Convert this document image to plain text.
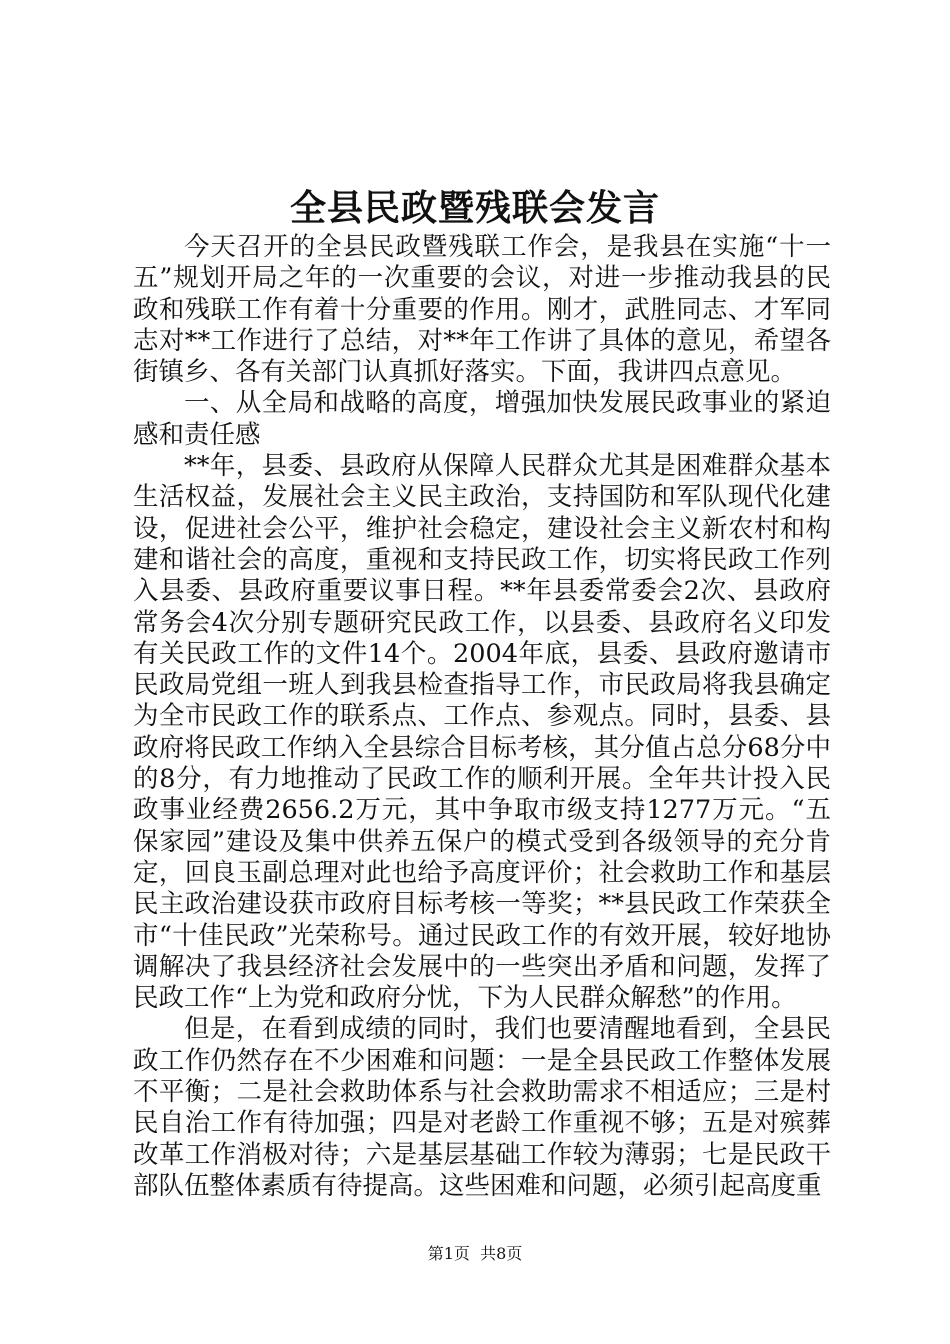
全县民政暨残联会发言

今天召开的全县民政暨残联工作会，是我县在实施“十一五”规划开局之年的一次重要的会议，对进一步推动我县的民政和残联工作有着十分重要的作用。刚才，武胜同志、才军同志对**工作进行了总结，对**年工作讲了具体的意见，希望各街镇乡、各有关部门认真抓好落实。下面，我讲四点意见。

一、从全局和战略的高度，增强加快发展民政事业的紧迫感和责任感

**年，县委、县政府从保障人民群众尤其是困难群众基本生活权益，发展社会主义民主政治，支持国防和军队现代化建设，促进社会公平，维护社会稳定，建设社会主义新农村和构建和谐社会的高度，重视和支持民政工作，切实将民政工作列入县委、县政府重要议事日程。**年县委常委会2次、县政府常务会4次分别专题研究民政工作，以县委、县政府名义印发有关民政工作的文件14个。2004年底，县委、县政府邀请市民政局党组一班人到我县检查指导工作，市民政局将我县确定为全市民政工作的联系点、工作点、参观点。同时，县委、县政府将民政工作纳入全县综合目标考核，其分值占总分68分中的8分，有力地推动了民政工作的顺利开展。全年共计投入民政事业经费2656.2万元，其中争取市级支持1277万元。“五保家园”建设及集中供养五保户的模式受到各级领导的充分肯定，回良玉副总理对此也给予高度评价；社会救助工作和基层民主政治建设获市政府目标考核一等奖；**县民政工作荣获全市“十佳民政”光荣称号。通过民政工作的有效开展，较好地协调解决了我县经济社会发展中的一些突出矛盾和问题，发挥了民政工作“上为党和政府分忧，下为人民群众解愁”的作用。

但是，在看到成绩的同时，我们也要清醒地看到，全县民政工作仍然存在不少困难和问题：一是全县民政工作整体发展不平衡；二是社会救助体系与社会救助需求不相适应；三是村民自治工作有待加强；四是对老龄工作重视不够；五是对殡葬改革工作消极对待；六是基层基础工作较为薄弱；七是民政干部队伍整体素质有待提高。这些困难和问题，必须引起高度重

第1页 共8页
